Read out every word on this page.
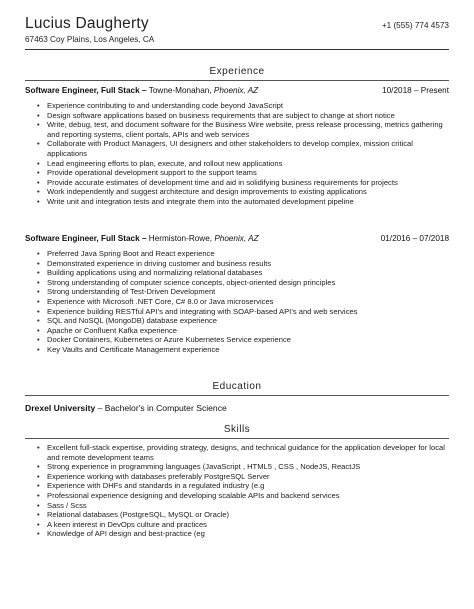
Lucius Daugherty
67463 Coy Plains, Los Angeles, CA
+1 (555) 774 4573
Experience
Software Engineer, Full Stack – Towne-Monahan, Phoenix, AZ	10/2018 – Present
• Experience contributing to and understanding code beyond JavaScript
• Design software applications based on business requirements that are subject to change at short notice
• Write, debug, test, and document software for the Business Wire website, press release processing, metrics gathering and reporting systems, client portals, APIs and web services
• Collaborate with Product Managers, UI designers and other stakeholders to develop complex, mission critical applications
• Lead engineering efforts to plan, execute, and rollout new applications
• Provide operational development support to the support teams
• Provide accurate estimates of development time and aid in solidifying business requirements for projects
• Work independently and suggest architecture and design improvements to existing applications
• Write unit and integration tests and integrate them into the automated development pipeline
Software Engineer, Full Stack – Hermiston-Rowe, Phoenix, AZ	01/2016 – 07/2018
• Preferred Java Spring Boot and React experience
• Demonstrated experience in driving customer and business results
• Building applications using and normalizing relational databases
• Strong understanding of computer science concepts, object-oriented design principles
• Strong understanding of Test-Driven Development
• Experience with Microsoft .NET Core, C# 8.0 or Java microservices
• Experience building RESTful API’s and integrating with SOAP-based API’s and web services
• SQL and NoSQL (MongoDB) database experience
• Apache or Confluent Kafka experience
• Docker Containers, Kubernetes or Azure Kubernetes Service experience
• Key Vaults and Certificate Management experience
Education
Drexel University – Bachelor's in Computer Science
Skills
• Excellent full-stack expertise, providing strategy, designs, and technical guidance for the application developer for local and remote development teams
• Strong experience in programming languages (JavaScript , HTML5 , CSS , NodeJS, ReactJS
• Experience working with databases preferably PostgreSQL Server
• Experience with DHFs and standards in a regulated industry (e.g
• Professional experience designing and developing scalable APIs and backend services
• Sass / Scss
• Relational databases (PostgreSQL, MySQL or Oracle)
• A keen interest in DevOps culture and practices
• Knowledge of API design and best-practice (eg
